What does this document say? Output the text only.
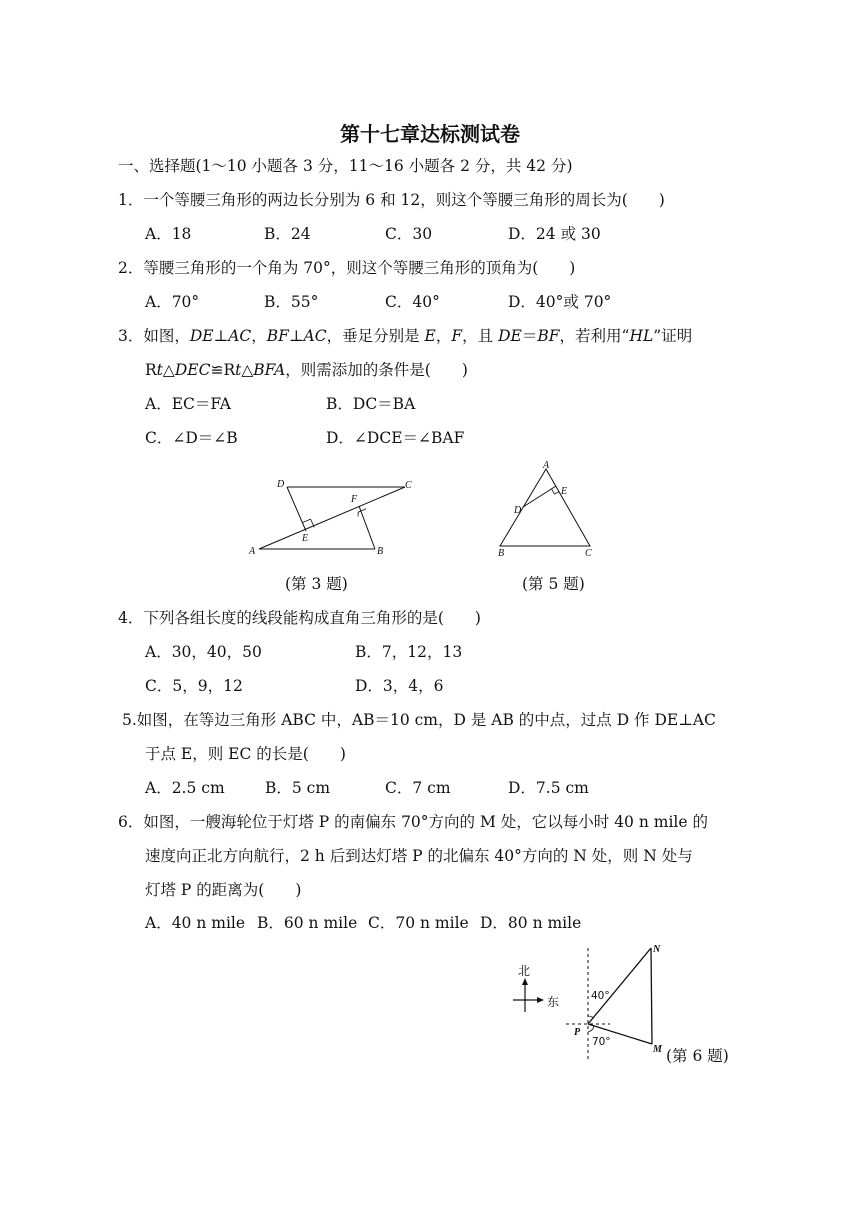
第十七章达标测试卷
一、选择题(1～10 小题各 3 分，11～16 小题各 2 分，共 42 分)
1．一个等腰三角形的两边长分别为 6 和 12，则这个等腰三角形的周长为(　　)
A．18	B．24	C．30	D．24 或 30
2．等腰三角形的一个角为 70°，则这个等腰三角形的顶角为(　　)
A．70°	B．55°	C．40°	D．40°或 70°
3．如图，DE⊥AC，BF⊥AC，垂足分别是 E，F，且 DE＝BF，若利用“HL”证明
Rt△DEC≌Rt△BFA，则需添加的条件是(　　)
A．EC＝FA	B．DC＝BA
C．∠D＝∠B	D．∠DCE＝∠BAF
D	C
F
E
A	B
(第 3 题)
A
E
D
B	C
(第 5 题)
4．下列各组长度的线段能构成直角三角形的是(　　)
A．30，40，50	B．7，12，13
C．5，9，12	D．3，4，6
5.如图，在等边三角形 ABC 中，AB＝10 cm，D 是 AB 的中点，过点 D 作 DE⊥AC
于点 E，则 EC 的长是(　　)
A．2.5 cm	B．5 cm	C．7 cm	D．7.5 cm
6．如图，一艘海轮位于灯塔 P 的南偏东 70°方向的 M 处，它以每小时 40 n mile 的
速度向正北方向航行，2 h 后到达灯塔 P 的北偏东 40°方向的 N 处，则 N 处与
灯塔 P 的距离为(　　)
A．40 n mile B．60 n mile C．70 n mile D．80 n mile
北
东
N
P
M
40°
70°
(第 6 题)
